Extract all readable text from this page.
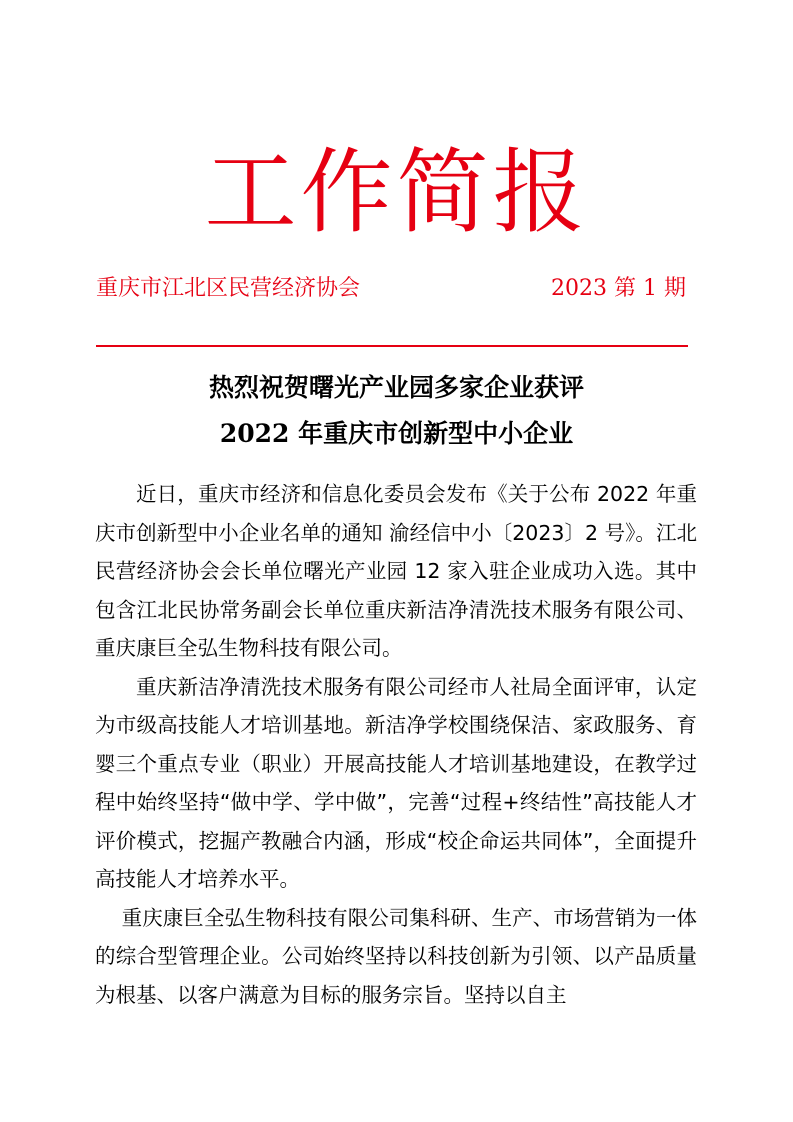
工作简报
重庆市江北区民营经济协会	2023 第 1 期
热烈祝贺曙光产业园多家企业获评
2022 年重庆市创新型中小企业

近日，重庆市经济和信息化委员会发布《关于公布 2022 年重庆市创新型中小企业名单的通知 渝经信中小〔2023〕2 号》。江北民营经济协会会长单位曙光产业园 12 家入驻企业成功入选。其中包含江北民协常务副会长单位重庆新洁净清洗技术服务有限公司、重庆康巨全弘生物科技有限公司。

重庆新洁净清洗技术服务有限公司经市人社局全面评审，认定为市级高技能人才培训基地。新洁净学校围绕保洁、家政服务、育婴三个重点专业（职业）开展高技能人才培训基地建设，在教学过程中始终坚持“做中学、学中做”，完善“过程+终结性”高技能人才评价模式，挖掘产教融合内涵，形成“校企命运共同体”，全面提升高技能人才培养水平。

重庆康巨全弘生物科技有限公司集科研、生产、市场营销为一体的综合型管理企业。公司始终坚持以科技创新为引领、以产品质量为根基、以客户满意为目标的服务宗旨。坚持以自主
